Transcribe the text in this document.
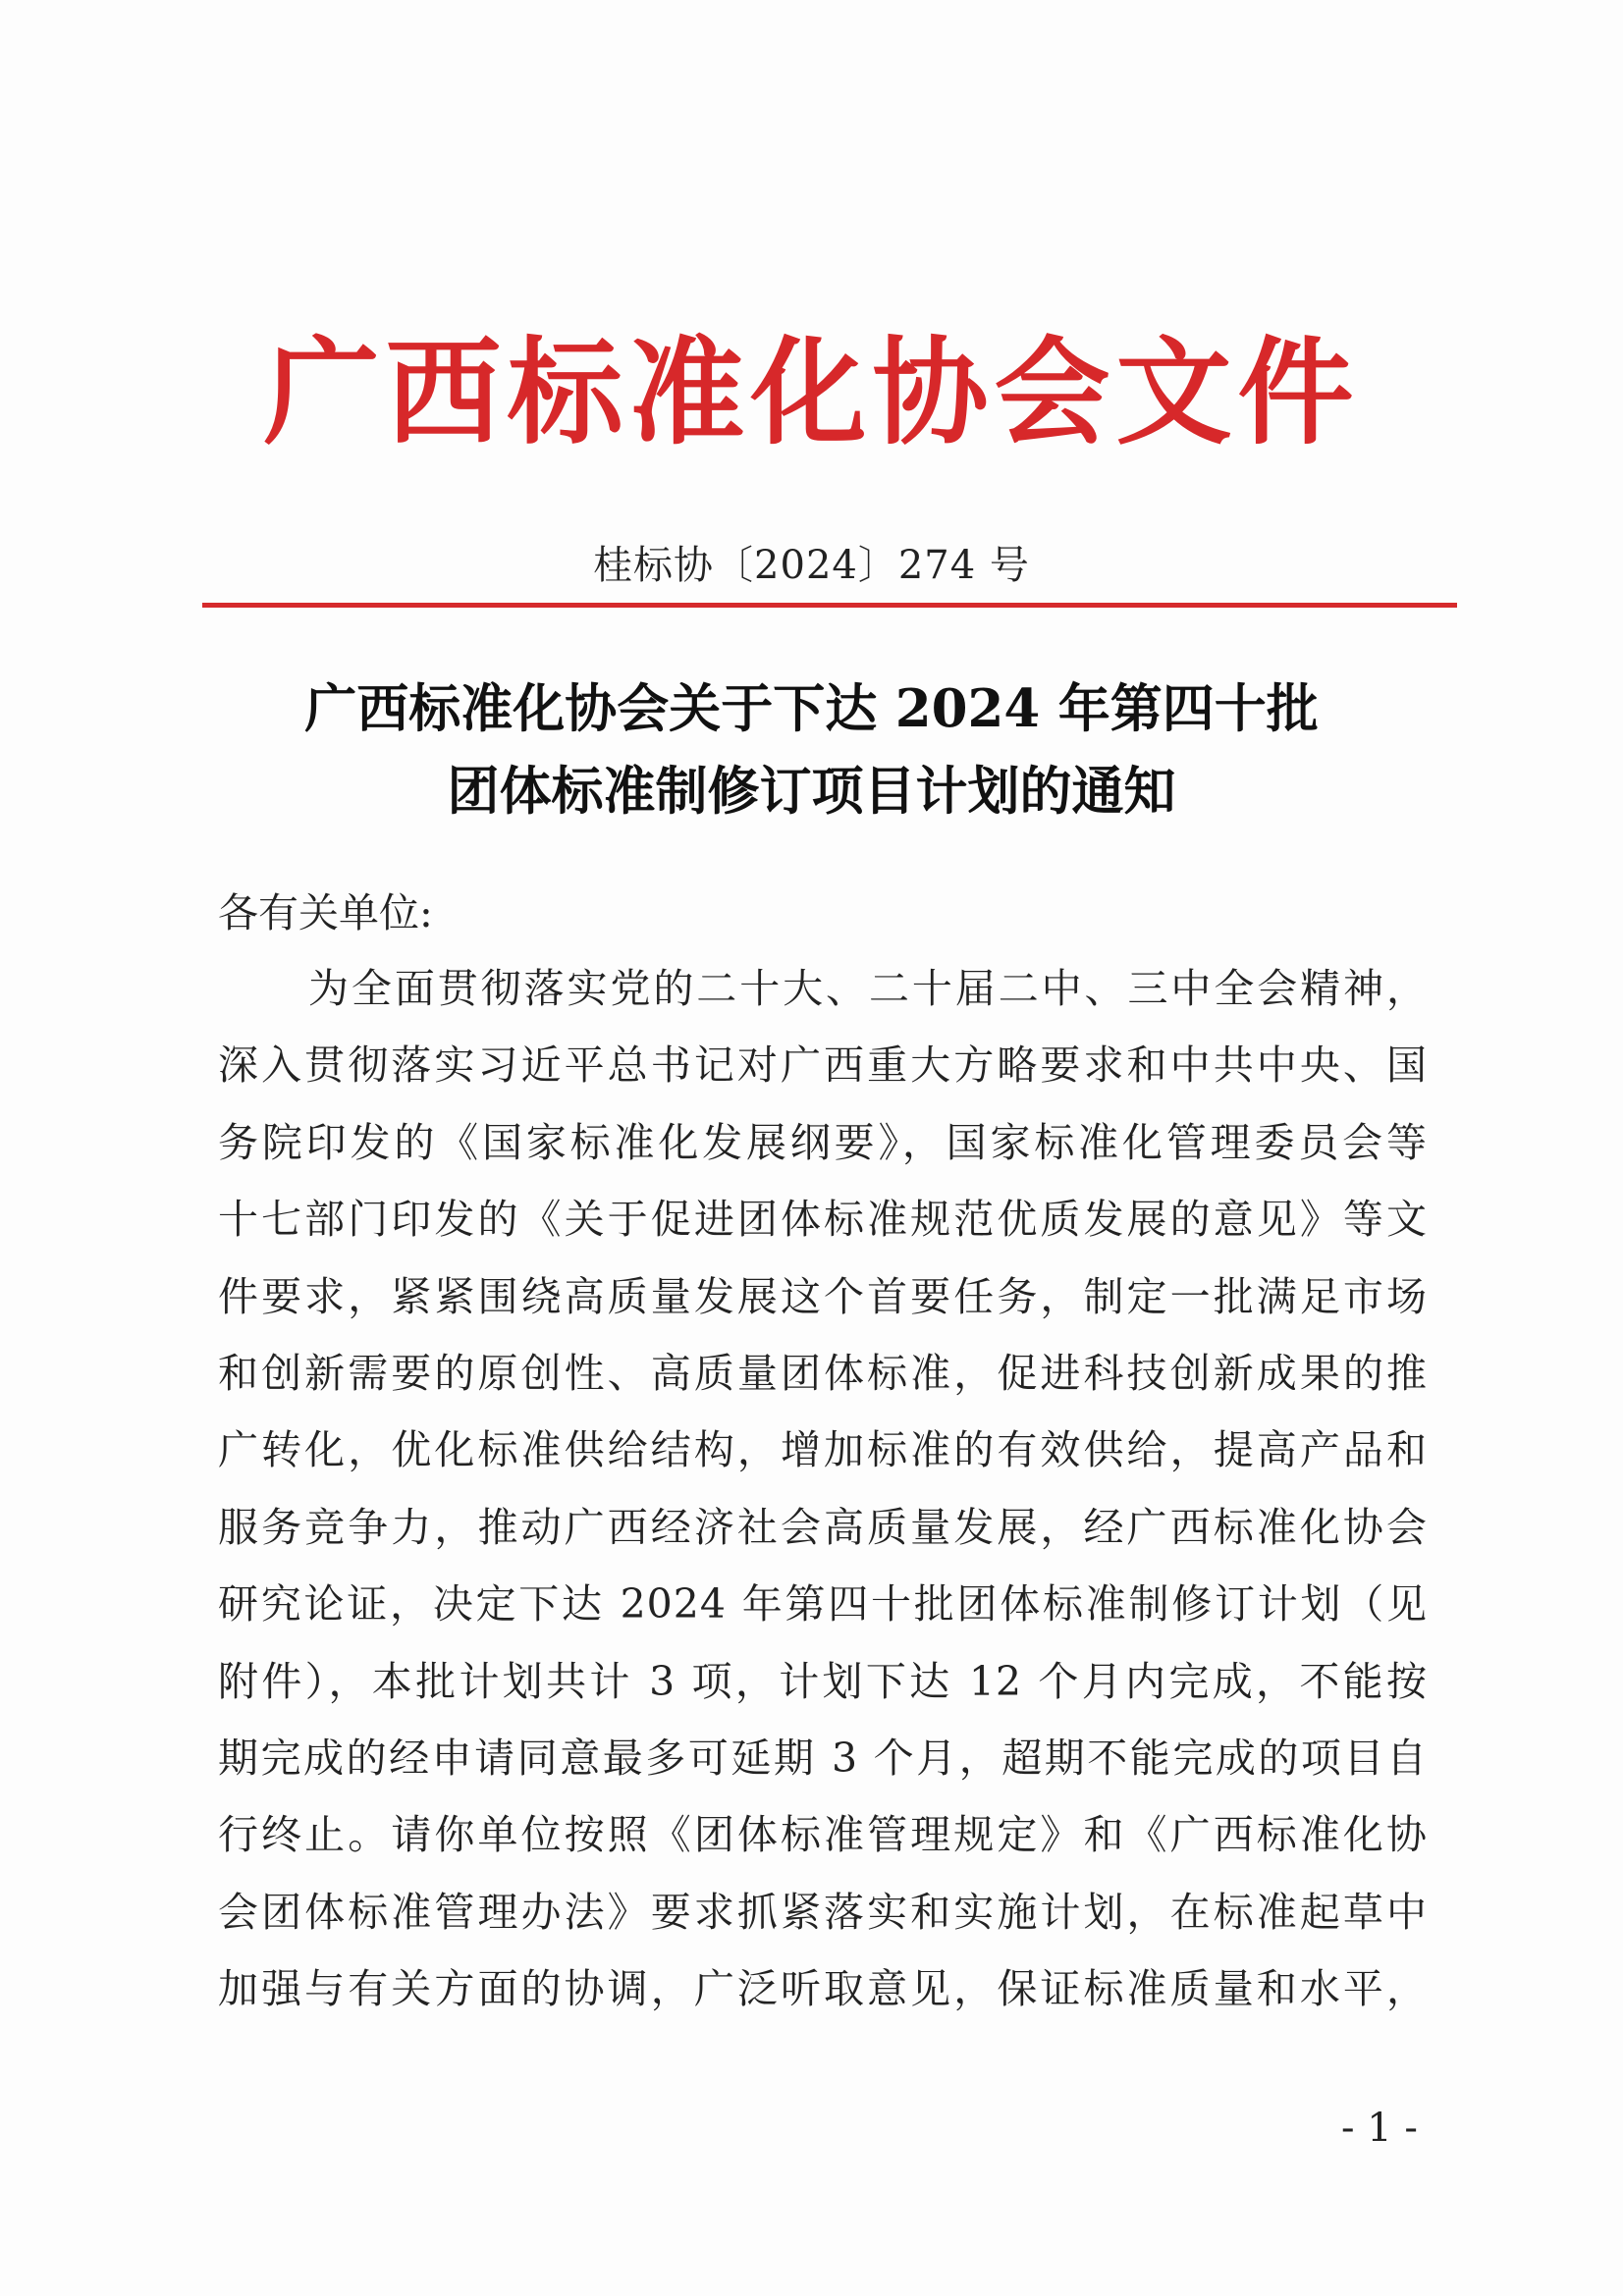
广西标准化协会文件
桂标协〔2024〕274 号
广西标准化协会关于下达 2024 年第四十批
团体标准制修订项目计划的通知
各有关单位:
为全面贯彻落实党的二十大、二十届二中、三中全会精神，
深入贯彻落实习近平总书记对广西重大方略要求和中共中央、国
务院印发的《国家标准化发展纲要》，国家标准化管理委员会等
十七部门印发的《关于促进团体标准规范优质发展的意见》等文
件要求，紧紧围绕高质量发展这个首要任务，制定一批满足市场
和创新需要的原创性、高质量团体标准，促进科技创新成果的推
广转化，优化标准供给结构，增加标准的有效供给，提高产品和
服务竞争力，推动广西经济社会高质量发展，经广西标准化协会
研究论证，决定下达 2024 年第四十批团体标准制修订计划（见
附件），本批计划共计 3 项，计划下达 12 个月内完成，不能按
期完成的经申请同意最多可延期 3 个月，超期不能完成的项目自
行终止。请你单位按照《团体标准管理规定》和《广西标准化协
会团体标准管理办法》要求抓紧落实和实施计划，在标准起草中
加强与有关方面的协调，广泛听取意见，保证标准质量和水平，
- 1 -
